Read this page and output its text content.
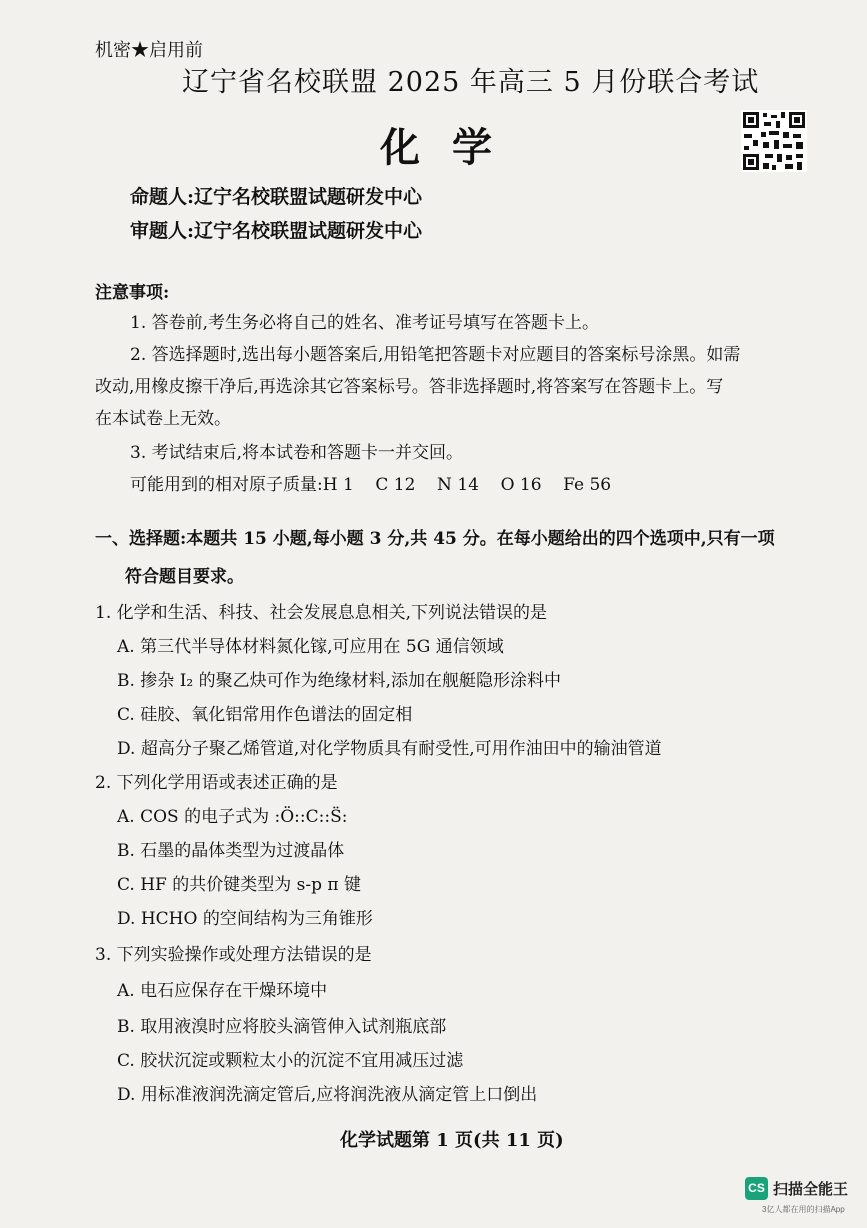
机密★启用前
辽宁省名校联盟 2025 年高三 5 月份联合考试
化学
命题人:辽宁名校联盟试题研发中心
审题人:辽宁名校联盟试题研发中心
注意事项:
1. 答卷前,考生务必将自己的姓名、准考证号填写在答题卡上。
2. 答选择题时,选出每小题答案后,用铅笔把答题卡对应题目的答案标号涂黑。如需
改动,用橡皮擦干净后,再选涂其它答案标号。答非选择题时,将答案写在答题卡上。写
在本试卷上无效。
3. 考试结束后,将本试卷和答题卡一并交回。
可能用到的相对原子质量:H 1    C 12    N 14    O 16    Fe 56
一、选择题:本题共 15 小题,每小题 3 分,共 45 分。在每小题给出的四个选项中,只有一项
符合题目要求。
1. 化学和生活、科技、社会发展息息相关,下列说法错误的是
A. 第三代半导体材料氮化镓,可应用在 5G 通信领域
B. 掺杂 I₂ 的聚乙炔可作为绝缘材料,添加在舰艇隐形涂料中
C. 硅胶、氧化铝常用作色谱法的固定相
D. 超高分子聚乙烯管道,对化学物质具有耐受性,可用作油田中的输油管道
2. 下列化学用语或表述正确的是
A. COS 的电子式为 :Ö::C::S̈:
B. 石墨的晶体类型为过渡晶体
C. HF 的共价键类型为 s-p π 键
D. HCHO 的空间结构为三角锥形
3. 下列实验操作或处理方法错误的是
A. 电石应保存在干燥环境中
B. 取用液溴时应将胶头滴管伸入试剂瓶底部
C. 胶状沉淀或颗粒太小的沉淀不宜用减压过滤
D. 用标准液润洗滴定管后,应将润洗液从滴定管上口倒出
化学试题第 1 页(共 11 页)
CS 扫描全能王
3亿人都在用的扫描App
